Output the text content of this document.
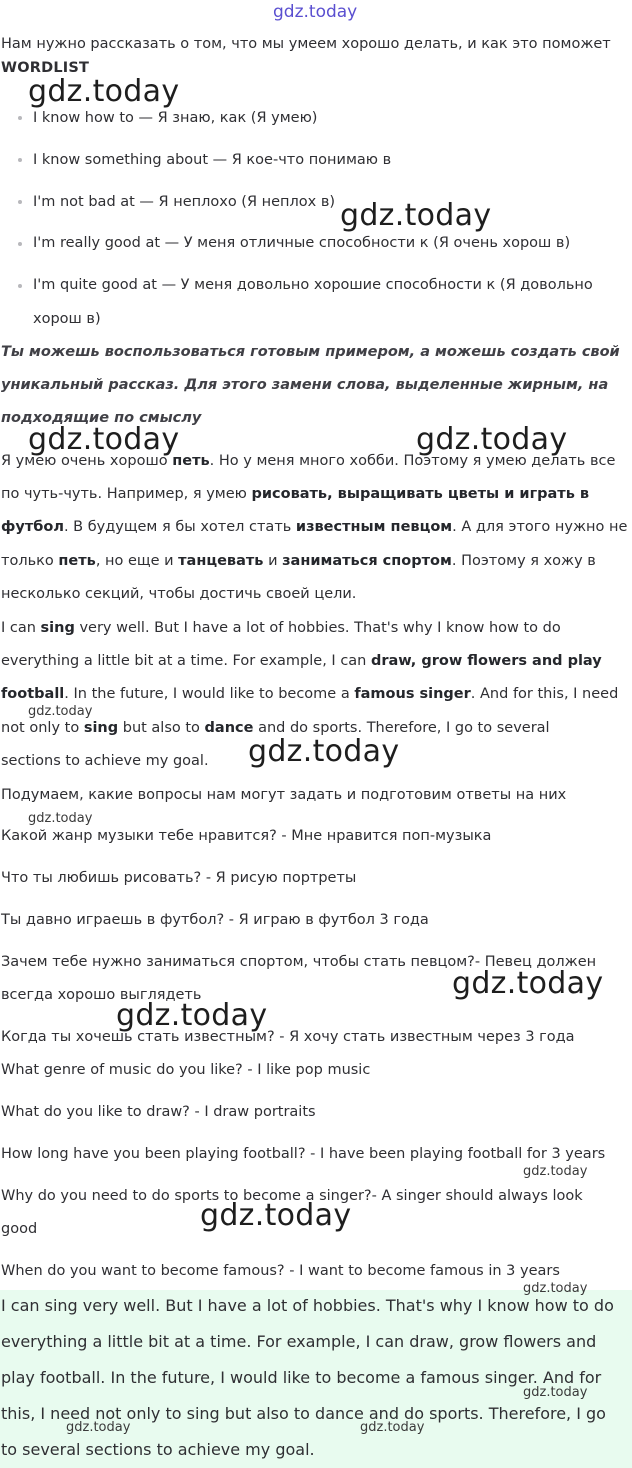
I can sing very well. But I have a lot of hobbies. That's why I know how to do
everything a little bit at a time. For example, I can draw, grow flowers and
play football. In the future, I would like to become a famous singer. And for
this, I need not only to sing but also to dance and do sports. Therefore, I go
to several sections to achieve my goal.
gdz.today
Нам нужно рассказать о том, что мы умеем хорошо делать, и как это поможет
WORDLIST
I know how to — Я знаю, как (Я умею)
I know something about — Я кое-что понимаю в
I'm not bad at — Я неплохо (Я неплох в)
I'm really good at — У меня отличные способности к (Я очень хорош в)
I'm quite good at — У меня довольно хорошие способности к (Я довольно
хорош в)
Ты можешь воспользоваться готовым примером, а можешь создать свой
уникальный рассказ. Для этого замени слова, выделенные жирным, на
подходящие по смыслу
Я умею очень хорошо петь. Но у меня много хобби. Поэтому я умею делать все
по чуть-чуть. Например, я умею рисовать, выращивать цветы и играть в
футбол. В будущем я бы хотел стать известным певцом. А для этого нужно не
только петь, но еще и танцевать и заниматься спортом. Поэтому я хожу в
несколько секций, чтобы достичь своей цели.
I can sing very well. But I have a lot of hobbies. That's why I know how to do
everything a little bit at a time. For example, I can draw, grow flowers and play
football. In the future, I would like to become a famous singer. And for this, I need
not only to sing but also to dance and do sports. Therefore, I go to several
sections to achieve my goal.
Подумаем, какие вопросы нам могут задать и подготовим ответы на них
Какой жанр музыки тебе нравится? - Мне нравится поп-музыка
Что ты любишь рисовать? - Я рисую портреты
Ты давно играешь в футбол? - Я играю в футбол 3 года
Зачем тебе нужно заниматься спортом, чтобы стать певцом?- Певец должен
всегда хорошо выглядеть
Когда ты хочешь стать известным? - Я хочу стать известным через 3 года
What genre of music do you like? - I like pop music
What do you like to draw? - I draw portraits
How long have you been playing football? - I have been playing football for 3 years
Why do you need to do sports to become a singer?- A singer should always look
good
When do you want to become famous? - I want to become famous in 3 years
gdz.today
gdz.today
gdz.today	gdz.today
gdz.today
gdz.today
gdz.today
gdz.today
gdz.today
gdz.today
gdz.today
gdz.today
gdz.today
gdz.today	gdz.today
